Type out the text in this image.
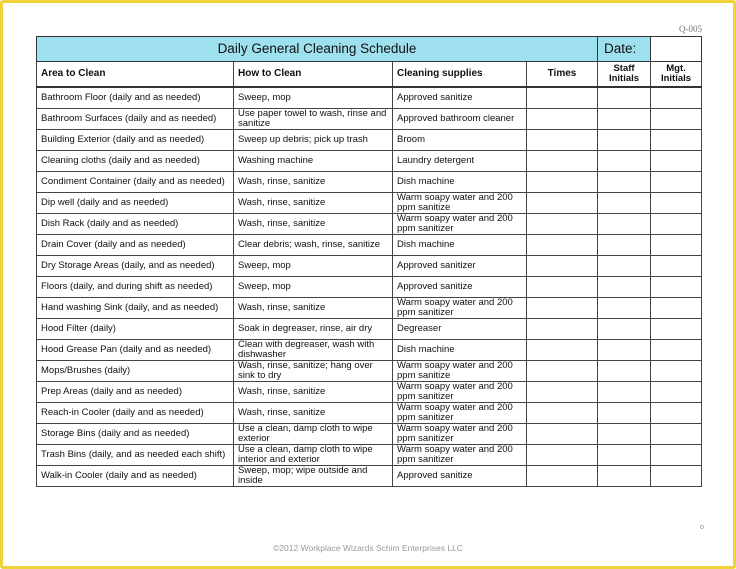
Q-005
Daily General Cleaning Schedule				Date:	
Area to Clean	How to Clean	Cleaning supplies	Times	Staff Initials	Mgt. Initials
Bathroom Floor (daily and as needed)	Sweep, mop	Approved sanitize			
Bathroom Surfaces (daily and as needed)	Use paper towel to wash, rinse and sanitize	Approved bathroom cleaner			
Building Exterior (daily and as needed)	Sweep up debris; pick up trash	Broom			
Cleaning cloths (daily and as needed)	Washing machine	Laundry detergent			
Condiment Container (daily and as needed)	Wash, rinse, sanitize	Dish machine			
Dip well (daily and as needed)	Wash, rinse, sanitize	Warm soapy water and 200 ppm sanitize			
Dish Rack (daily and as needed)	Wash, rinse, sanitize	Warm soapy water and 200 ppm sanitizer			
Drain Cover (daily and as needed)	Clear debris; wash, rinse, sanitize	Dish machine			
Dry Storage Areas (daily, and as needed)	Sweep, mop	Approved sanitizer			
Floors (daily, and during shift as needed)	Sweep, mop	Approved sanitize			
Hand washing Sink (daily, and as needed)	Wash, rinse, sanitize	Warm soapy water and 200 ppm sanitizer			
Hood Filter (daily)	Soak in degreaser, rinse, air dry	Degreaser			
Hood Grease Pan (daily and as needed)	Clean with degreaser, wash with dishwasher	Dish machine			
Mops/Brushes (daily)	Wash, rinse, sanitize; hang over sink to dry	Warm soapy water and 200 ppm sanitize			
Prep Areas (daily and as needed)	Wash, rinse, sanitize	Warm soapy water and 200 ppm sanitizer			
Reach-in Cooler (daily and as needed)	Wash, rinse, sanitize	Warm soapy water and 200 ppm sanitizer			
Storage Bins (daily and as needed)	Use a clean, damp cloth to wipe exterior	Warm soapy water and 200 ppm sanitizer			
Trash Bins (daily, and as needed each shift)	Use a clean, damp cloth to wipe interior and exterior	Warm soapy water and 200 ppm sanitizer			
Walk-in Cooler (daily and as needed)	Sweep, mop; wipe outside and inside	Approved sanitize			
o
©2012 Workplace Wizards Schim Enterprises LLC
